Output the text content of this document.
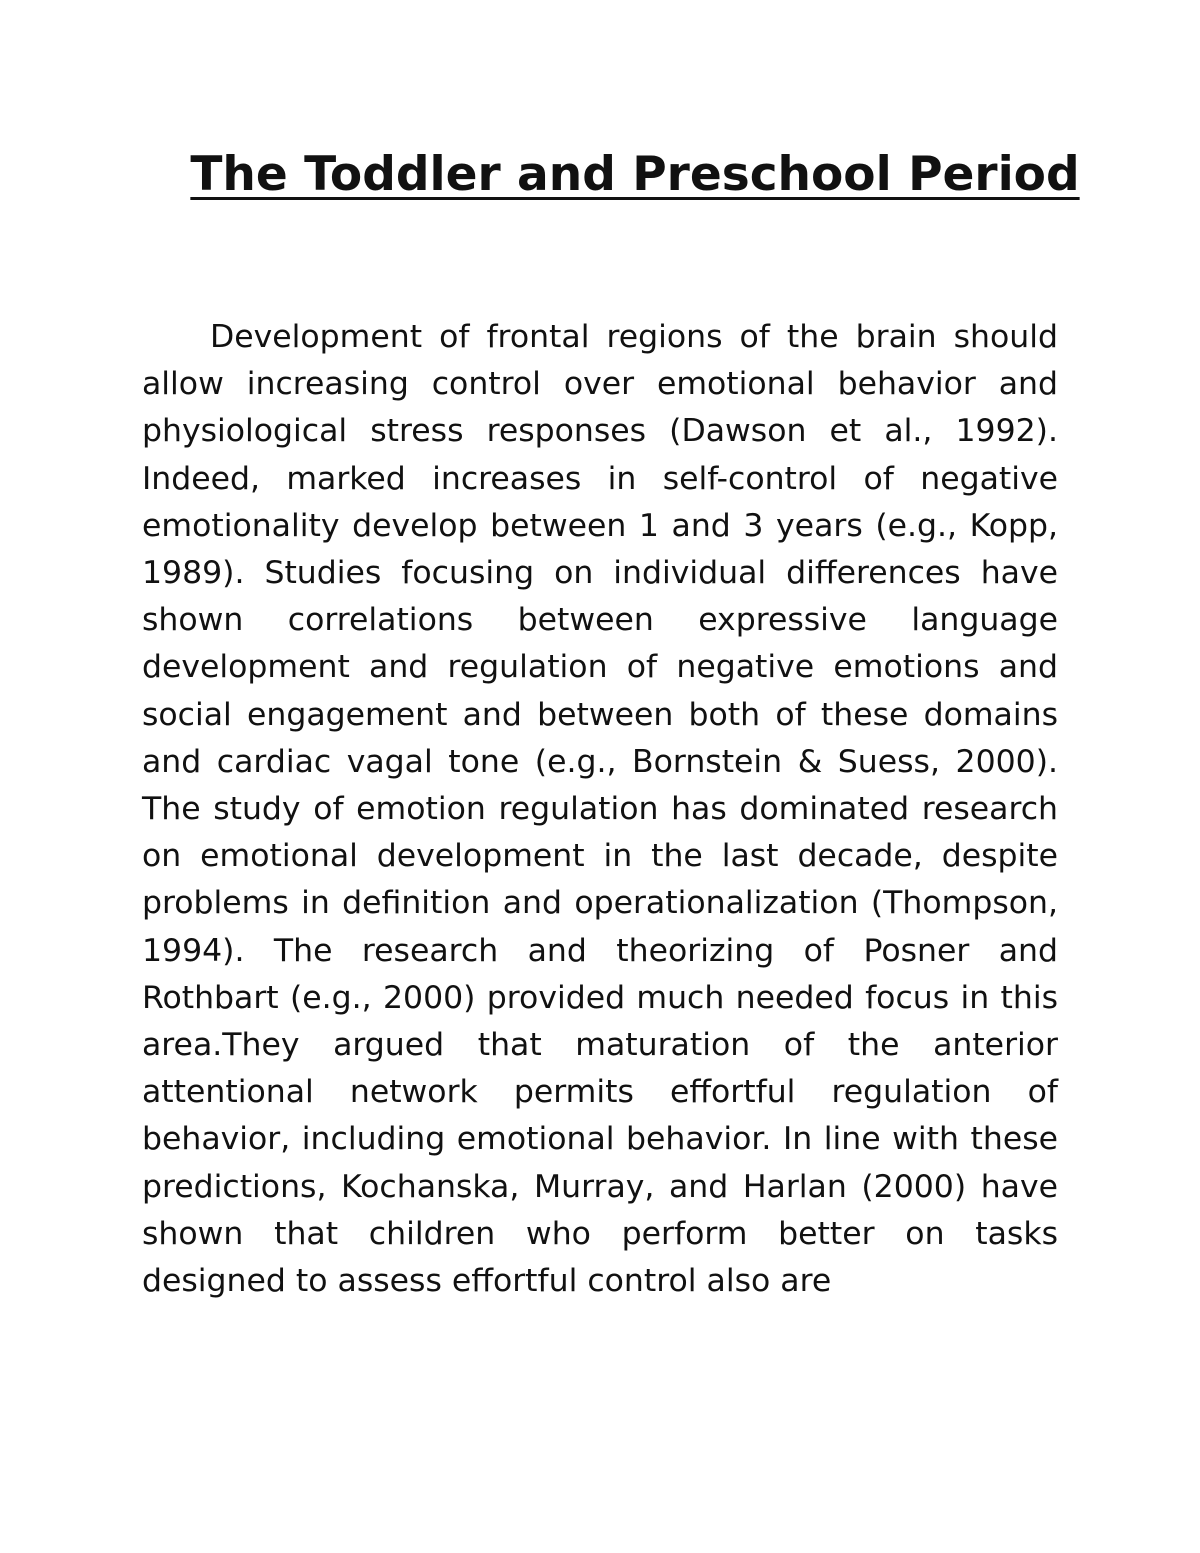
The Toddler and Preschool Period

Development of frontal regions of the brain should allow increasing control over emotional behavior and physiological stress responses (Dawson et al., 1992). Indeed, marked increases in self-control of negative emotionality develop between 1 and 3 years (e.g., Kopp, 1989). Studies focusing on individual differences have shown correlations between expressive language development and regulation of negative emotions and social engagement and between both of these domains and cardiac vagal tone (e.g., Bornstein & Suess, 2000). The study of emotion regulation has dominated research on emotional development in the last decade, despite problems in definition and operationalization (Thompson, 1994). The research and theorizing of Posner and Rothbart (e.g., 2000) provided much needed focus in this area.They argued that maturation of the anterior attentional network permits effortful regulation of behavior, including emotional behavior. In line with these predictions, Kochanska, Murray, and Harlan (2000) have shown that children who perform better on tasks designed to assess effortful control also are
